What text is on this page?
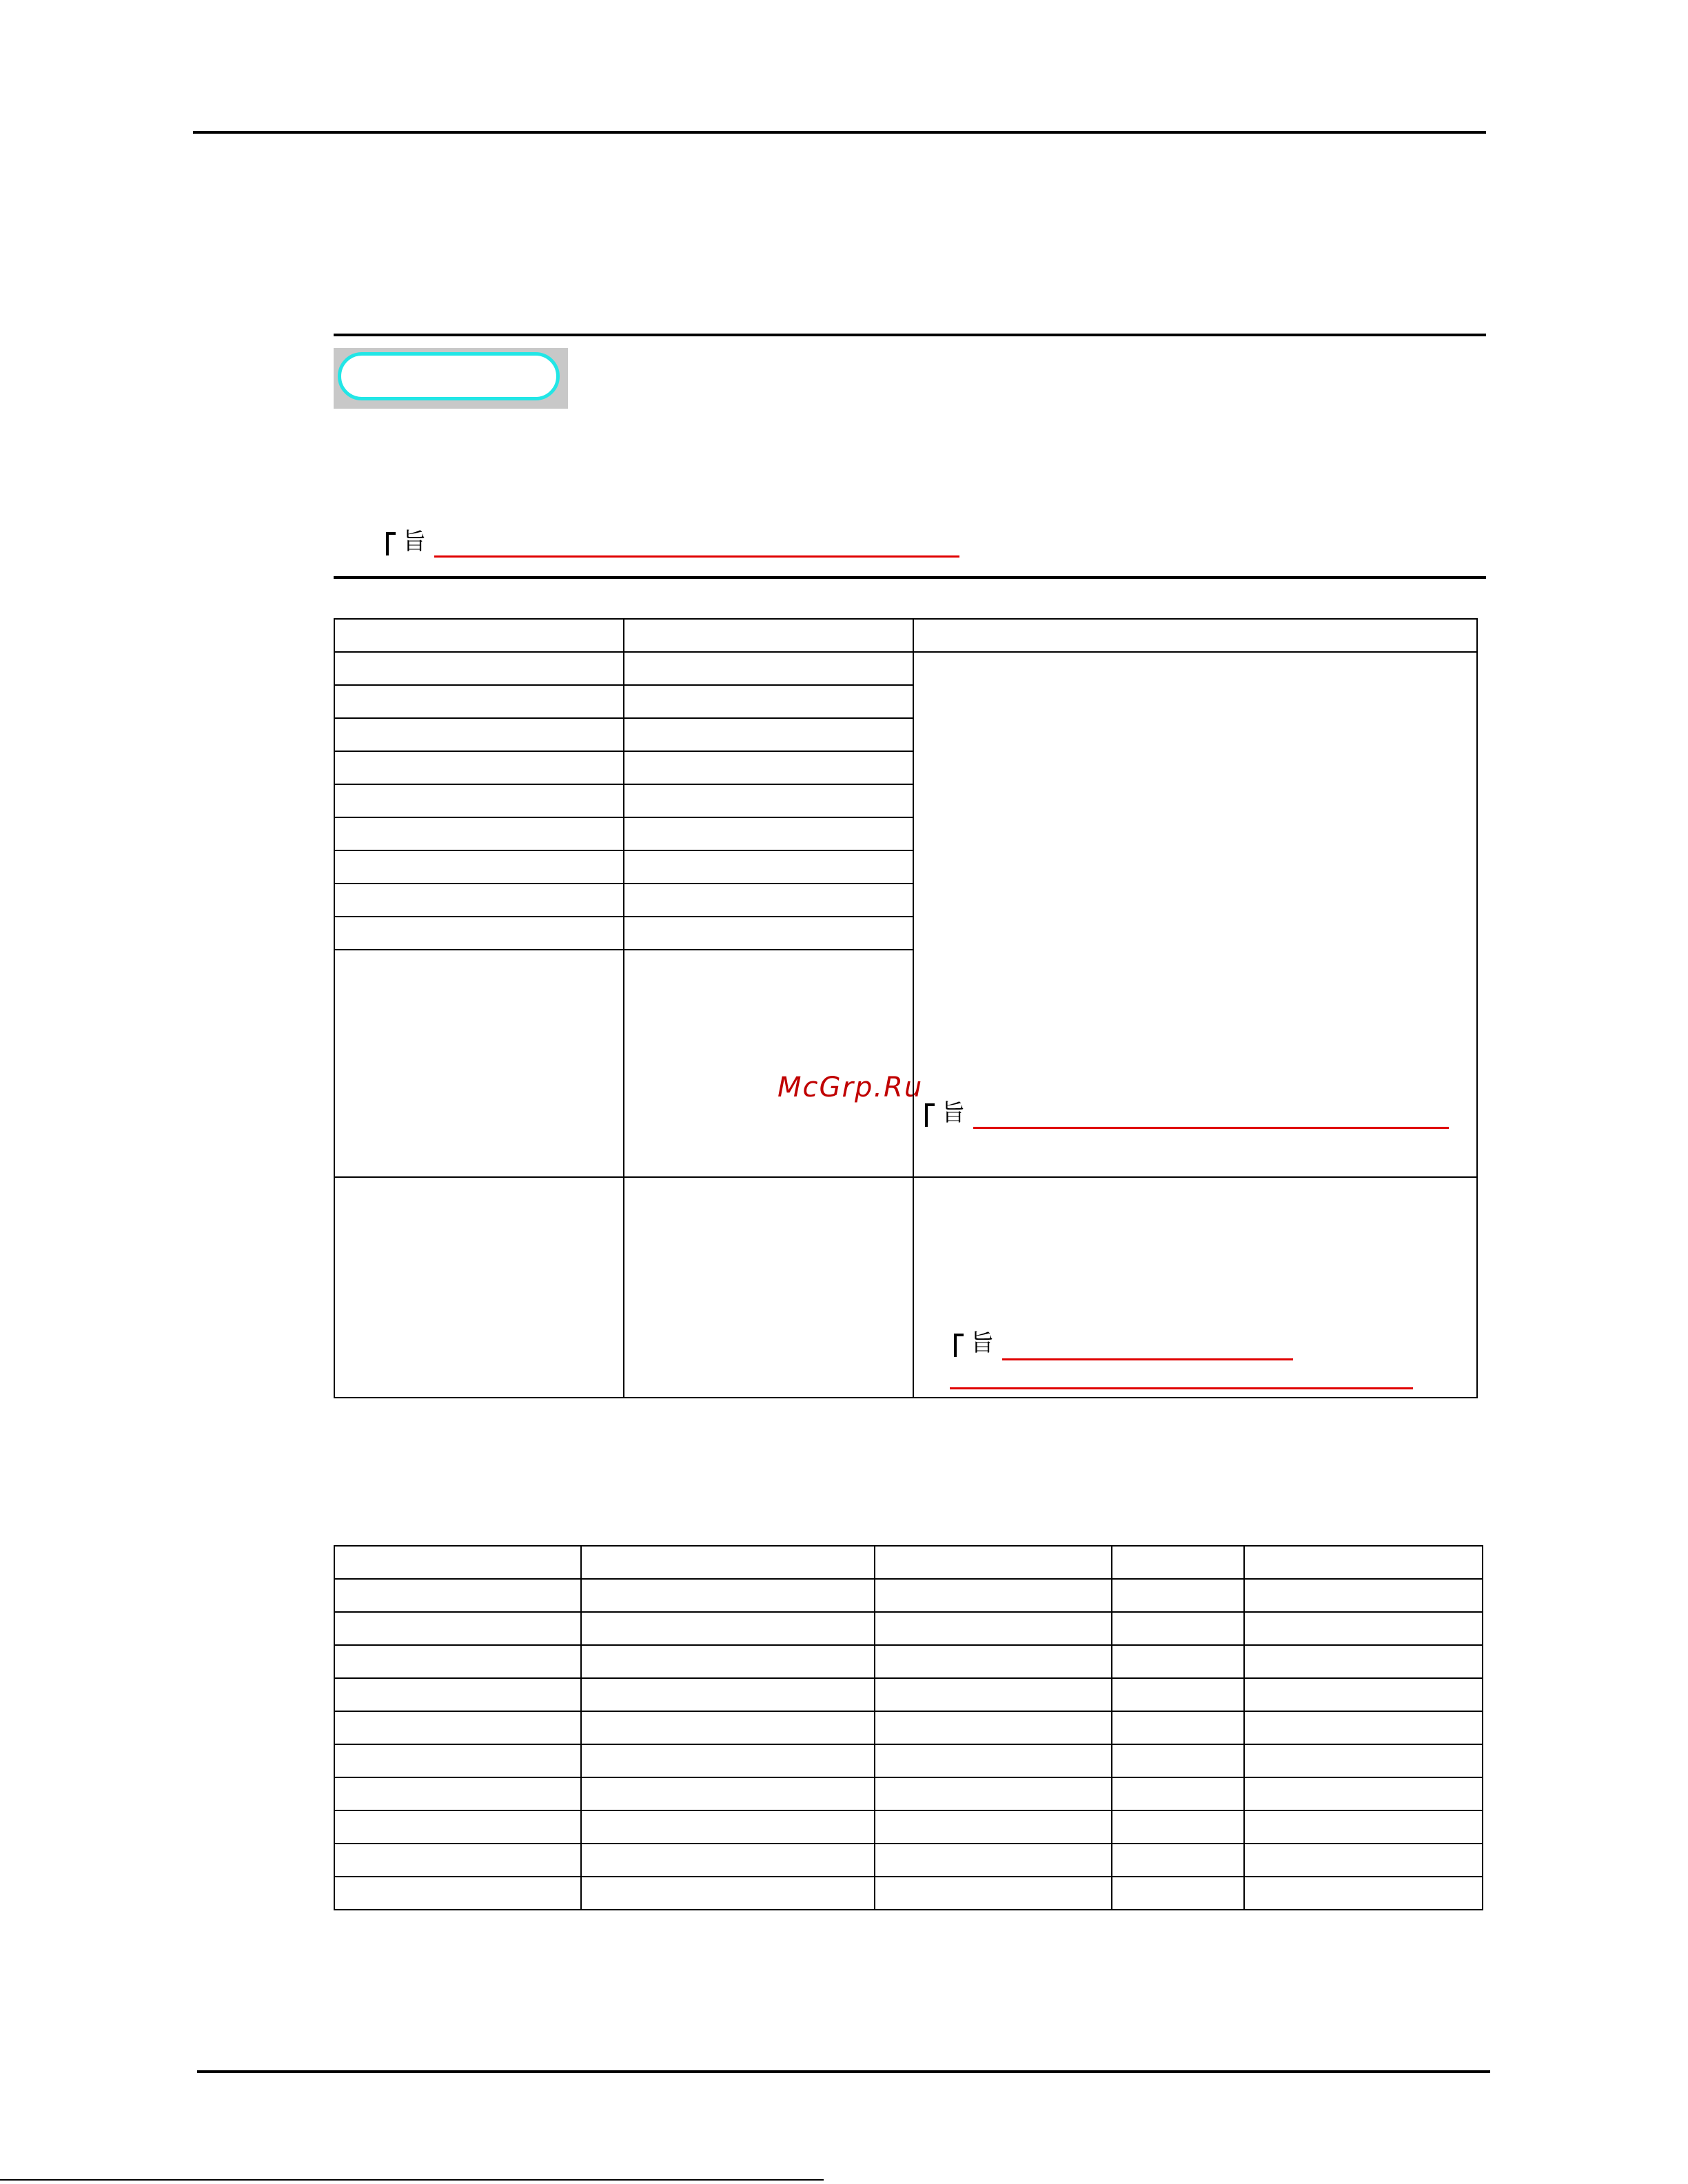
旨
McGrp.Ru

		旨

		旨
